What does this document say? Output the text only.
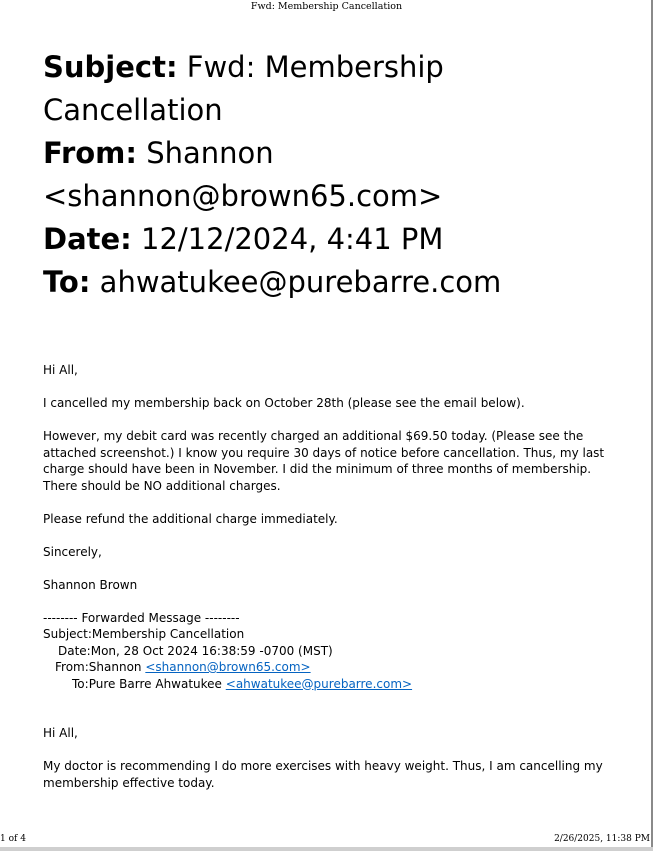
Fwd: Membership Cancellation
Subject: Fwd: Membership
Cancellation
From: Shannon
<shannon@brown65.com>
Date: 12/12/2024, 4:41 PM
To: ahwatukee@purebarre.com

Hi All,

I cancelled my membership back on October 28th (please see the email below).

However, my debit card was recently charged an additional $69.50 today. (Please see the attached screenshot.) I know you require 30 days of notice before cancellation. Thus, my last charge should have been in November. I did the minimum of three months of membership. There should be NO additional charges.

Please refund the additional charge immediately.

Sincerely,

Shannon Brown

-------- Forwarded Message --------
Subject:Membership Cancellation
Date:Mon, 28 Oct 2024 16:38:59 -0700 (MST)
From:Shannon <shannon@brown65.com>
To:Pure Barre Ahwatukee <ahwatukee@purebarre.com>

Hi All,

My doctor is recommending I do more exercises with heavy weight. Thus, I am cancelling my membership effective today.

1 of 4	2/26/2025, 11:38 PM
